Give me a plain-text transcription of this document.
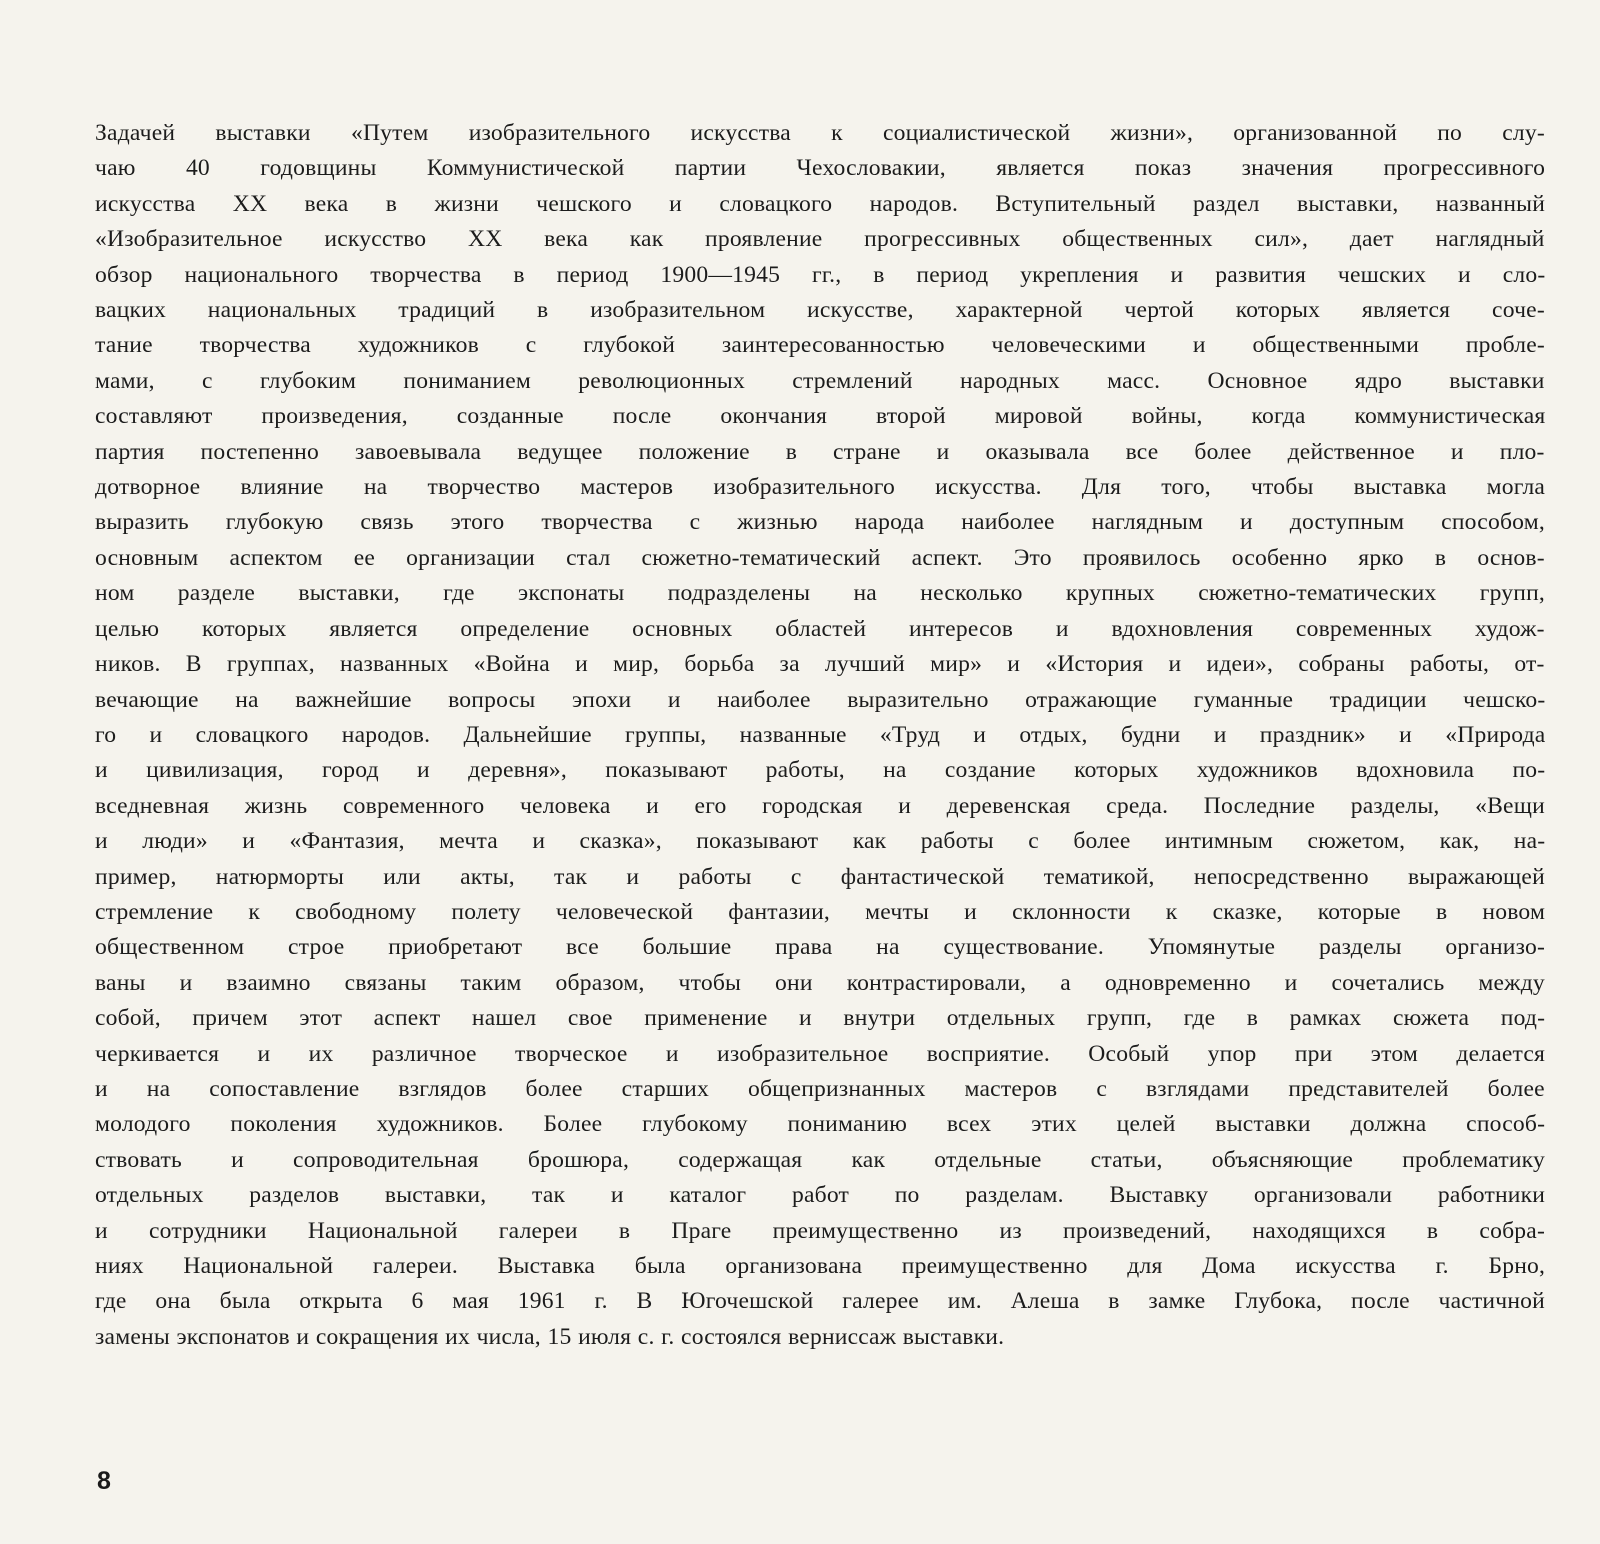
Задачей выставки «Путем изобразительного искусства к социалистической жизни», организованной по слу-
чаю 40 годовщины Коммунистической партии Чехословакии, является показ значения прогрессивного
искусства XX века в жизни чешского и словацкого народов. Вступительный раздел выставки, названный
«Изобразительное искусство XX века как проявление прогрессивных общественных сил», дает наглядный
обзор национального творчества в период 1900—1945 гг., в период укрепления и развития чешских и сло-
вацких национальных традиций в изобразительном искусстве, характерной чертой которых является соче-
тание творчества художников с глубокой заинтересованностью человеческими и общественными пробле-
мами, с глубоким пониманием революционных стремлений народных масс. Основное ядро выставки
составляют произведения, созданные после окончания второй мировой войны, когда коммунистическая
партия постепенно завоевывала ведущее положение в стране и оказывала все более действенное и пло-
дотворное влияние на творчество мастеров изобразительного искусства. Для того, чтобы выставка могла
выразить глубокую связь этого творчества с жизнью народа наиболее наглядным и доступным способом,
основным аспектом ее организации стал сюжетно-тематический аспект. Это проявилось особенно ярко в основ-
ном разделе выставки, где экспонаты подразделены на несколько крупных сюжетно-тематических групп,
целью которых является определение основных областей интересов и вдохновления современных худож-
ников. В группах, названных «Война и мир, борьба за лучший мир» и «История и идеи», собраны работы, от-
вечающие на важнейшие вопросы эпохи и наиболее выразительно отражающие гуманные традиции чешско-
го и словацкого народов. Дальнейшие группы, названные «Труд и отдых, будни и праздник» и «Природа
и цивилизация, город и деревня», показывают работы, на создание которых художников вдохновила по-
вседневная жизнь современного человека и его городская и деревенская среда. Последние разделы, «Вещи
и люди» и «Фантазия, мечта и сказка», показывают как работы с более интимным сюжетом, как, на-
пример, натюрморты или акты, так и работы с фантастической тематикой, непосредственно выражающей
стремление к свободному полету человеческой фантазии, мечты и склонности к сказке, которые в новом
общественном строе приобретают все большие права на существование. Упомянутые разделы организо-
ваны и взаимно связаны таким образом, чтобы они контрастировали, а одновременно и сочетались между
собой, причем этот аспект нашел свое применение и внутри отдельных групп, где в рамках сюжета под-
черкивается и их различное творческое и изобразительное восприятие. Особый упор при этом делается
и на сопоставление взглядов более старших общепризнанных мастеров с взглядами представителей более
молодого поколения художников. Более глубокому пониманию всех этих целей выставки должна способ-
ствовать и сопроводительная брошюра, содержащая как отдельные статьи, объясняющие проблематику
отдельных разделов выставки, так и каталог работ по разделам. Выставку организовали работники
и сотрудники Национальной галереи в Праге преимущественно из произведений, находящихся в собра-
ниях Национальной галереи. Выставка была организована преимущественно для Дома искусства г. Брно,
где она была открыта 6 мая 1961 г. В Югочешской галерее им. Алеша в замке Глубока, после частичной
замены экспонатов и сокращения их числа, 15 июля с. г. состоялся вернисcаж выставки.

8
